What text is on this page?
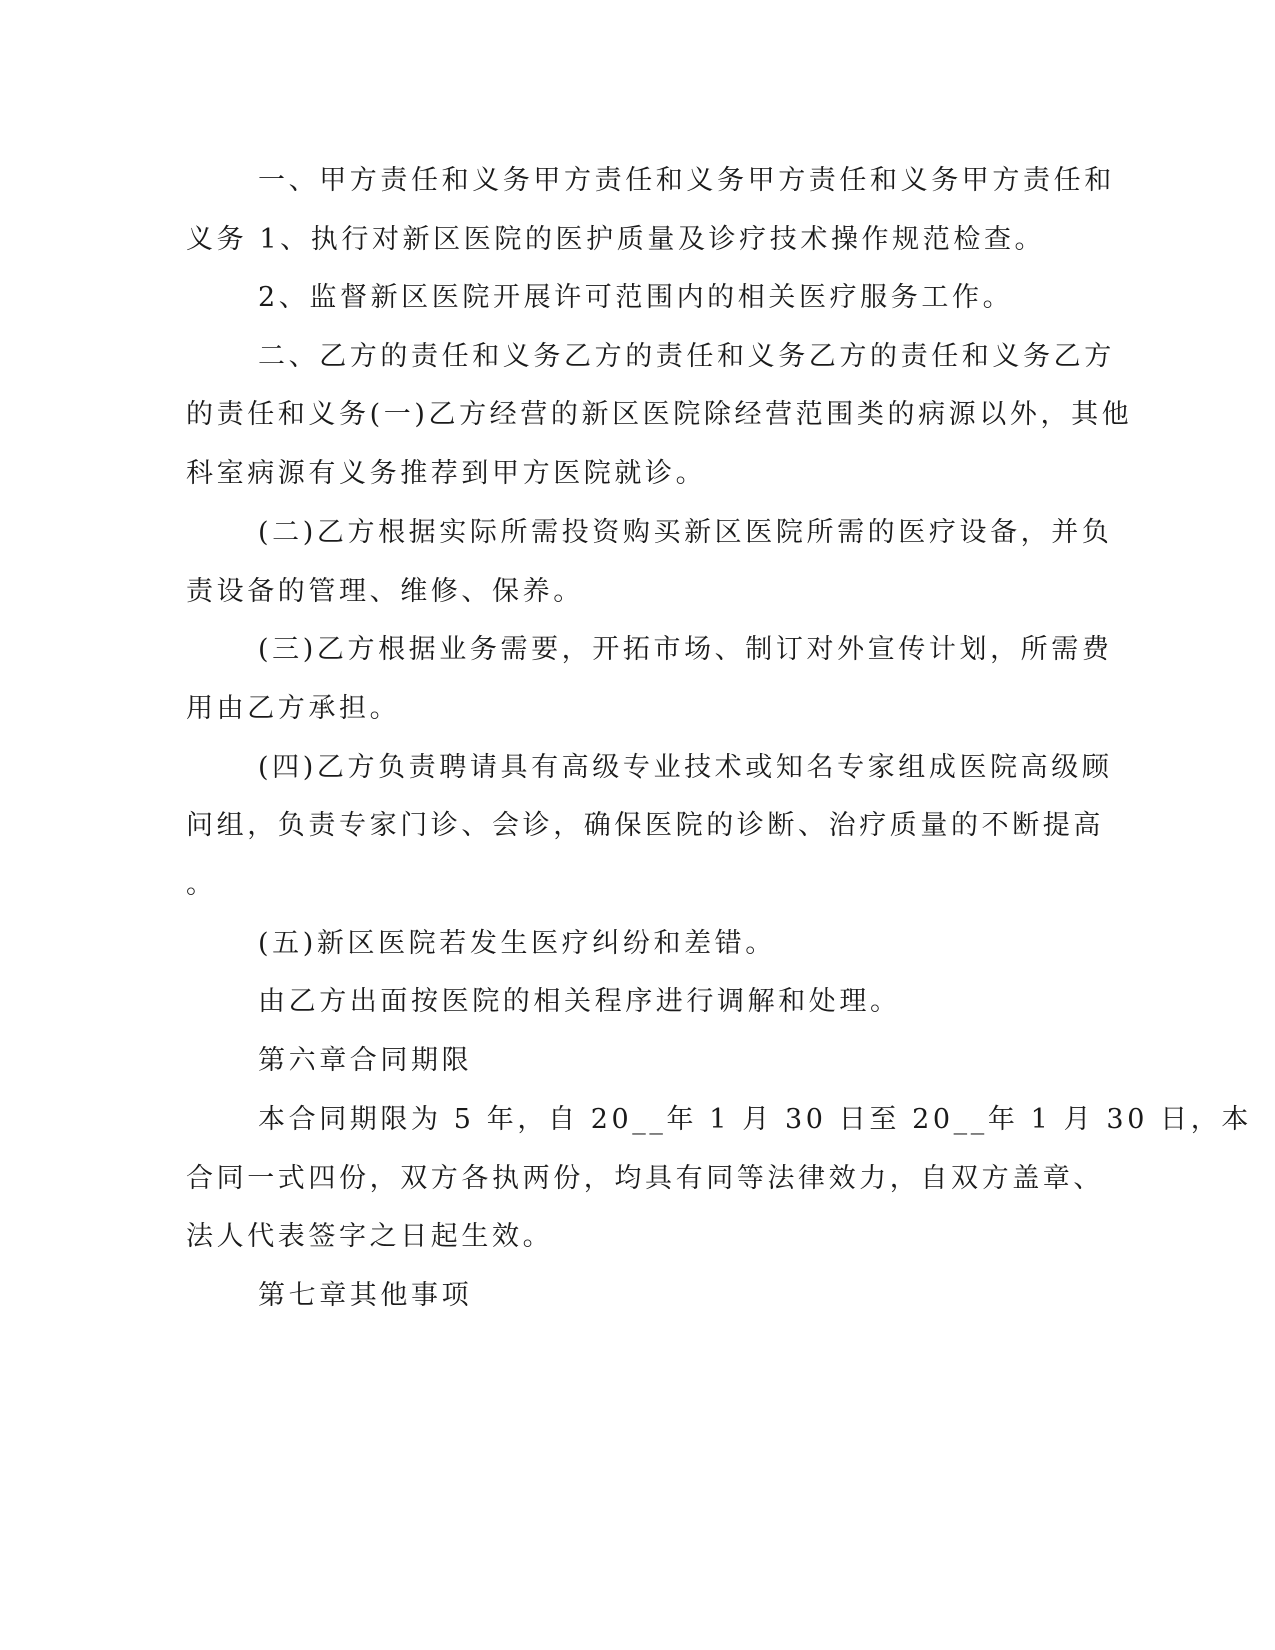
一、甲方责任和义务甲方责任和义务甲方责任和义务甲方责任和
义务 1、执行对新区医院的医护质量及诊疗技术操作规范检查。
2、监督新区医院开展许可范围内的相关医疗服务工作。
二、乙方的责任和义务乙方的责任和义务乙方的责任和义务乙方
的责任和义务(一)乙方经营的新区医院除经营范围类的病源以外，其他
科室病源有义务推荐到甲方医院就诊。
(二)乙方根据实际所需投资购买新区医院所需的医疗设备，并负
责设备的管理、维修、保养。
(三)乙方根据业务需要，开拓市场、制订对外宣传计划，所需费
用由乙方承担。
(四)乙方负责聘请具有高级专业技术或知名专家组成医院高级顾
问组，负责专家门诊、会诊，确保医院的诊断、治疗质量的不断提高
。
(五)新区医院若发生医疗纠纷和差错。
由乙方出面按医院的相关程序进行调解和处理。
第六章合同期限
本合同期限为 5 年，自 20__年 1 月 30 日至 20__年 1 月 30 日，本
合同一式四份，双方各执两份，均具有同等法律效力，自双方盖章、
法人代表签字之日起生效。
第七章其他事项
